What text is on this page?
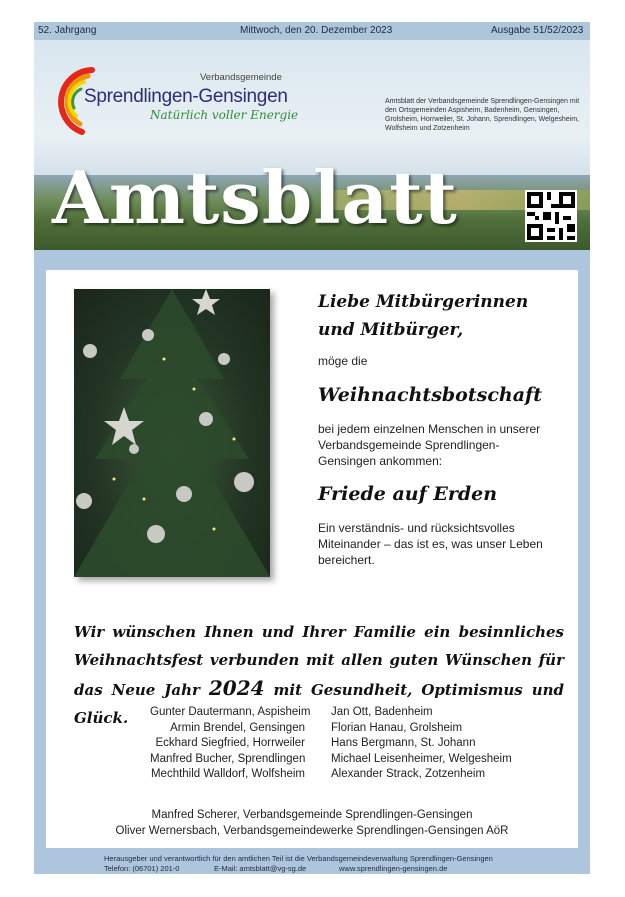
52. Jahrgang	Mittwoch, den 20. Dezember 2023	Ausgabe 51/52/2023
Verbandsgemeinde
Sprendlingen-Gensingen
Natürlich voller Energie
Amtsblatt der Verbandsgemeinde Sprendlingen-Gensingen mit den Ortsgemeinden Aspisheim, Badenheim, Gensingen, Grolsheim, Horrweiler, St. Johann, Sprendlingen, Welgesheim, Wolfsheim und Zotzenheim
Amtsblatt
Liebe Mitbürgerinnen
und Mitbürger,
möge die
Weihnachtsbotschaft
bei jedem einzelnen Menschen in unserer Verbandsgemeinde Sprendlingen-Gensingen ankommen:
Friede auf Erden
Ein verständnis- und rücksichtsvolles Miteinander – das ist es, was unser Leben bereichert.
Wir wünschen Ihnen und Ihrer Familie ein besinnliches Weihnachtsfest verbunden mit allen guten Wünschen für das Neue Jahr 2024 mit Gesundheit, Optimismus und Glück.	Gunter Dautermann, Aspisheim
Armin Brendel, Gensingen
Eckhard Siegfried, Horrweiler
Manfred Bucher, Sprendlingen
Mechthild Walldorf, Wolfsheim
Jan Ott, Badenheim
Florian Hanau, Grolsheim
Hans Bergmann, St. Johann
Michael Leisenheimer, Welgesheim
Alexander Strack, Zotzenheim
Manfred Scherer, Verbandsgemeinde Sprendlingen-Gensingen
Oliver Wernersbach, Verbandsgemeindewerke Sprendlingen-Gensingen AöR
Herausgeber und verantwortlich für den amtlichen Teil ist die Verbandsgemeindeverwaltung Sprendlingen-Gensingen
Telefon: (06701) 201-0	E-Mail: amtsblatt@vg-sg.de	www.sprendlingen-gensingen.de
